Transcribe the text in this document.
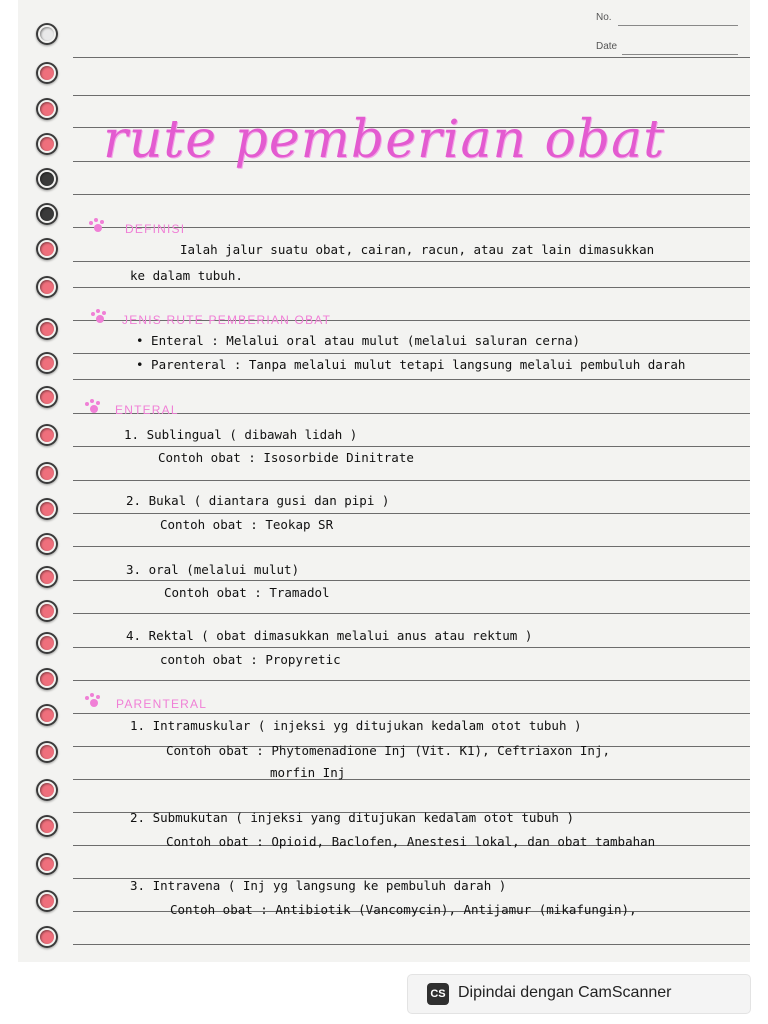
No.
Date
rute pemberian obat
DEFINISI
Ialah jalur suatu obat, cairan, racun, atau zat lain dimasukkan
ke dalam tubuh.
JENIS RUTE PEMBERIAN OBAT
• Enteral : Melalui oral atau mulut (melalui saluran cerna)
• Parenteral : Tanpa melalui mulut tetapi langsung melalui pembuluh darah
ENTERAL
1. Sublingual ( dibawah lidah )
Contoh obat : Isosorbide Dinitrate
2. Bukal ( diantara gusi dan pipi )
Contoh obat : Teokap SR
3. oral (melalui mulut)
Contoh obat : Tramadol
4. Rektal ( obat dimasukkan melalui anus atau rektum )
contoh obat : Propyretic
PARENTERAL
1. Intramuskular ( injeksi yg ditujukan kedalam otot tubuh )
Contoh obat : Phytomenadione Inj (Vit. K1), Ceftriaxon Inj,
morfin Inj
2. Submukutan ( injeksi yang ditujukan kedalam otot tubuh )
Contoh obat : Opioid, Baclofen, Anestesi lokal, dan obat tambahan
3. Intravena ( Inj yg langsung ke pembuluh darah )
Contoh obat : Antibiotik (Vancomycin), Antijamur (mikafungin),
CS Dipindai dengan CamScanner
